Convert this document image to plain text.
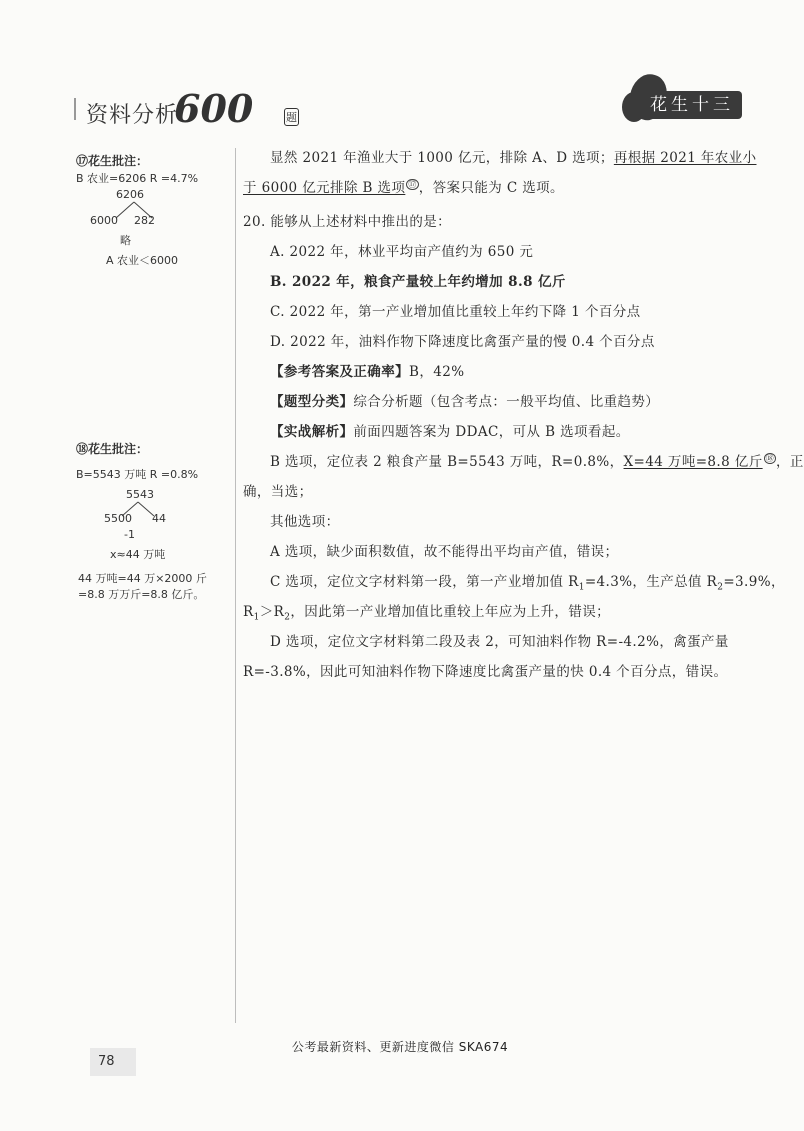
资料分析
600	题
花生十三
⑰花生批注：
B 农业=6206 R =4.7%
6206
6000 282
略
A 农业＜6000
⑱花生批注：
B=5543 万吨 R =0.8%
5543
5500 44
-1
x≈44 万吨
44 万吨=44 万×2000 斤
=8.8 万万斤=8.8 亿斤。

显然 2021 年渔业大于 1000 亿元，排除 A、D 选项；再根据 2021 年农业小

于 6000 亿元排除 B 选项 ⑰ ，答案只能为 C 选项。

20. 能够从上述材料中推出的是：

A. 2022 年，林业平均亩产值约为 650 元

B. 2022 年，粮食产量较上年约增加 8.8 亿斤

C. 2022 年，第一产业增加值比重较上年约下降 1 个百分点

D. 2022 年，油料作物下降速度比禽蛋产量的慢 0.4 个百分点

【参考答案及正确率】B，42%

【题型分类】综合分析题（包含考点：一般平均值、比重趋势）

【实战解析】前面四题答案为 DDAC，可从 B 选项看起。

B 选项，定位表 2 粮食产量 B=5543 万吨，R=0.8%，X=44 万吨=8.8 亿斤 ⑱ ，正

确，当选；

其他选项：

A 选项，缺少面积数值，故不能得出平均亩产值，错误；

C 选项，定位文字材料第一段，第一产业增加值 $R_1=4.3\%$，生产总值 $R_2=3.9\%$，

$R_1>R_2$，因此第一产业增加值比重较上年应为上升，错误；

D 选项，定位文字材料第二段及表 2，可知油料作物 R=-4.2%，禽蛋产量

R=-3.8%，因此可知油料作物下降速度比禽蛋产量的快 0.4 个百分点，错误。

公考最新资料、更新进度微信 SKA674
78
